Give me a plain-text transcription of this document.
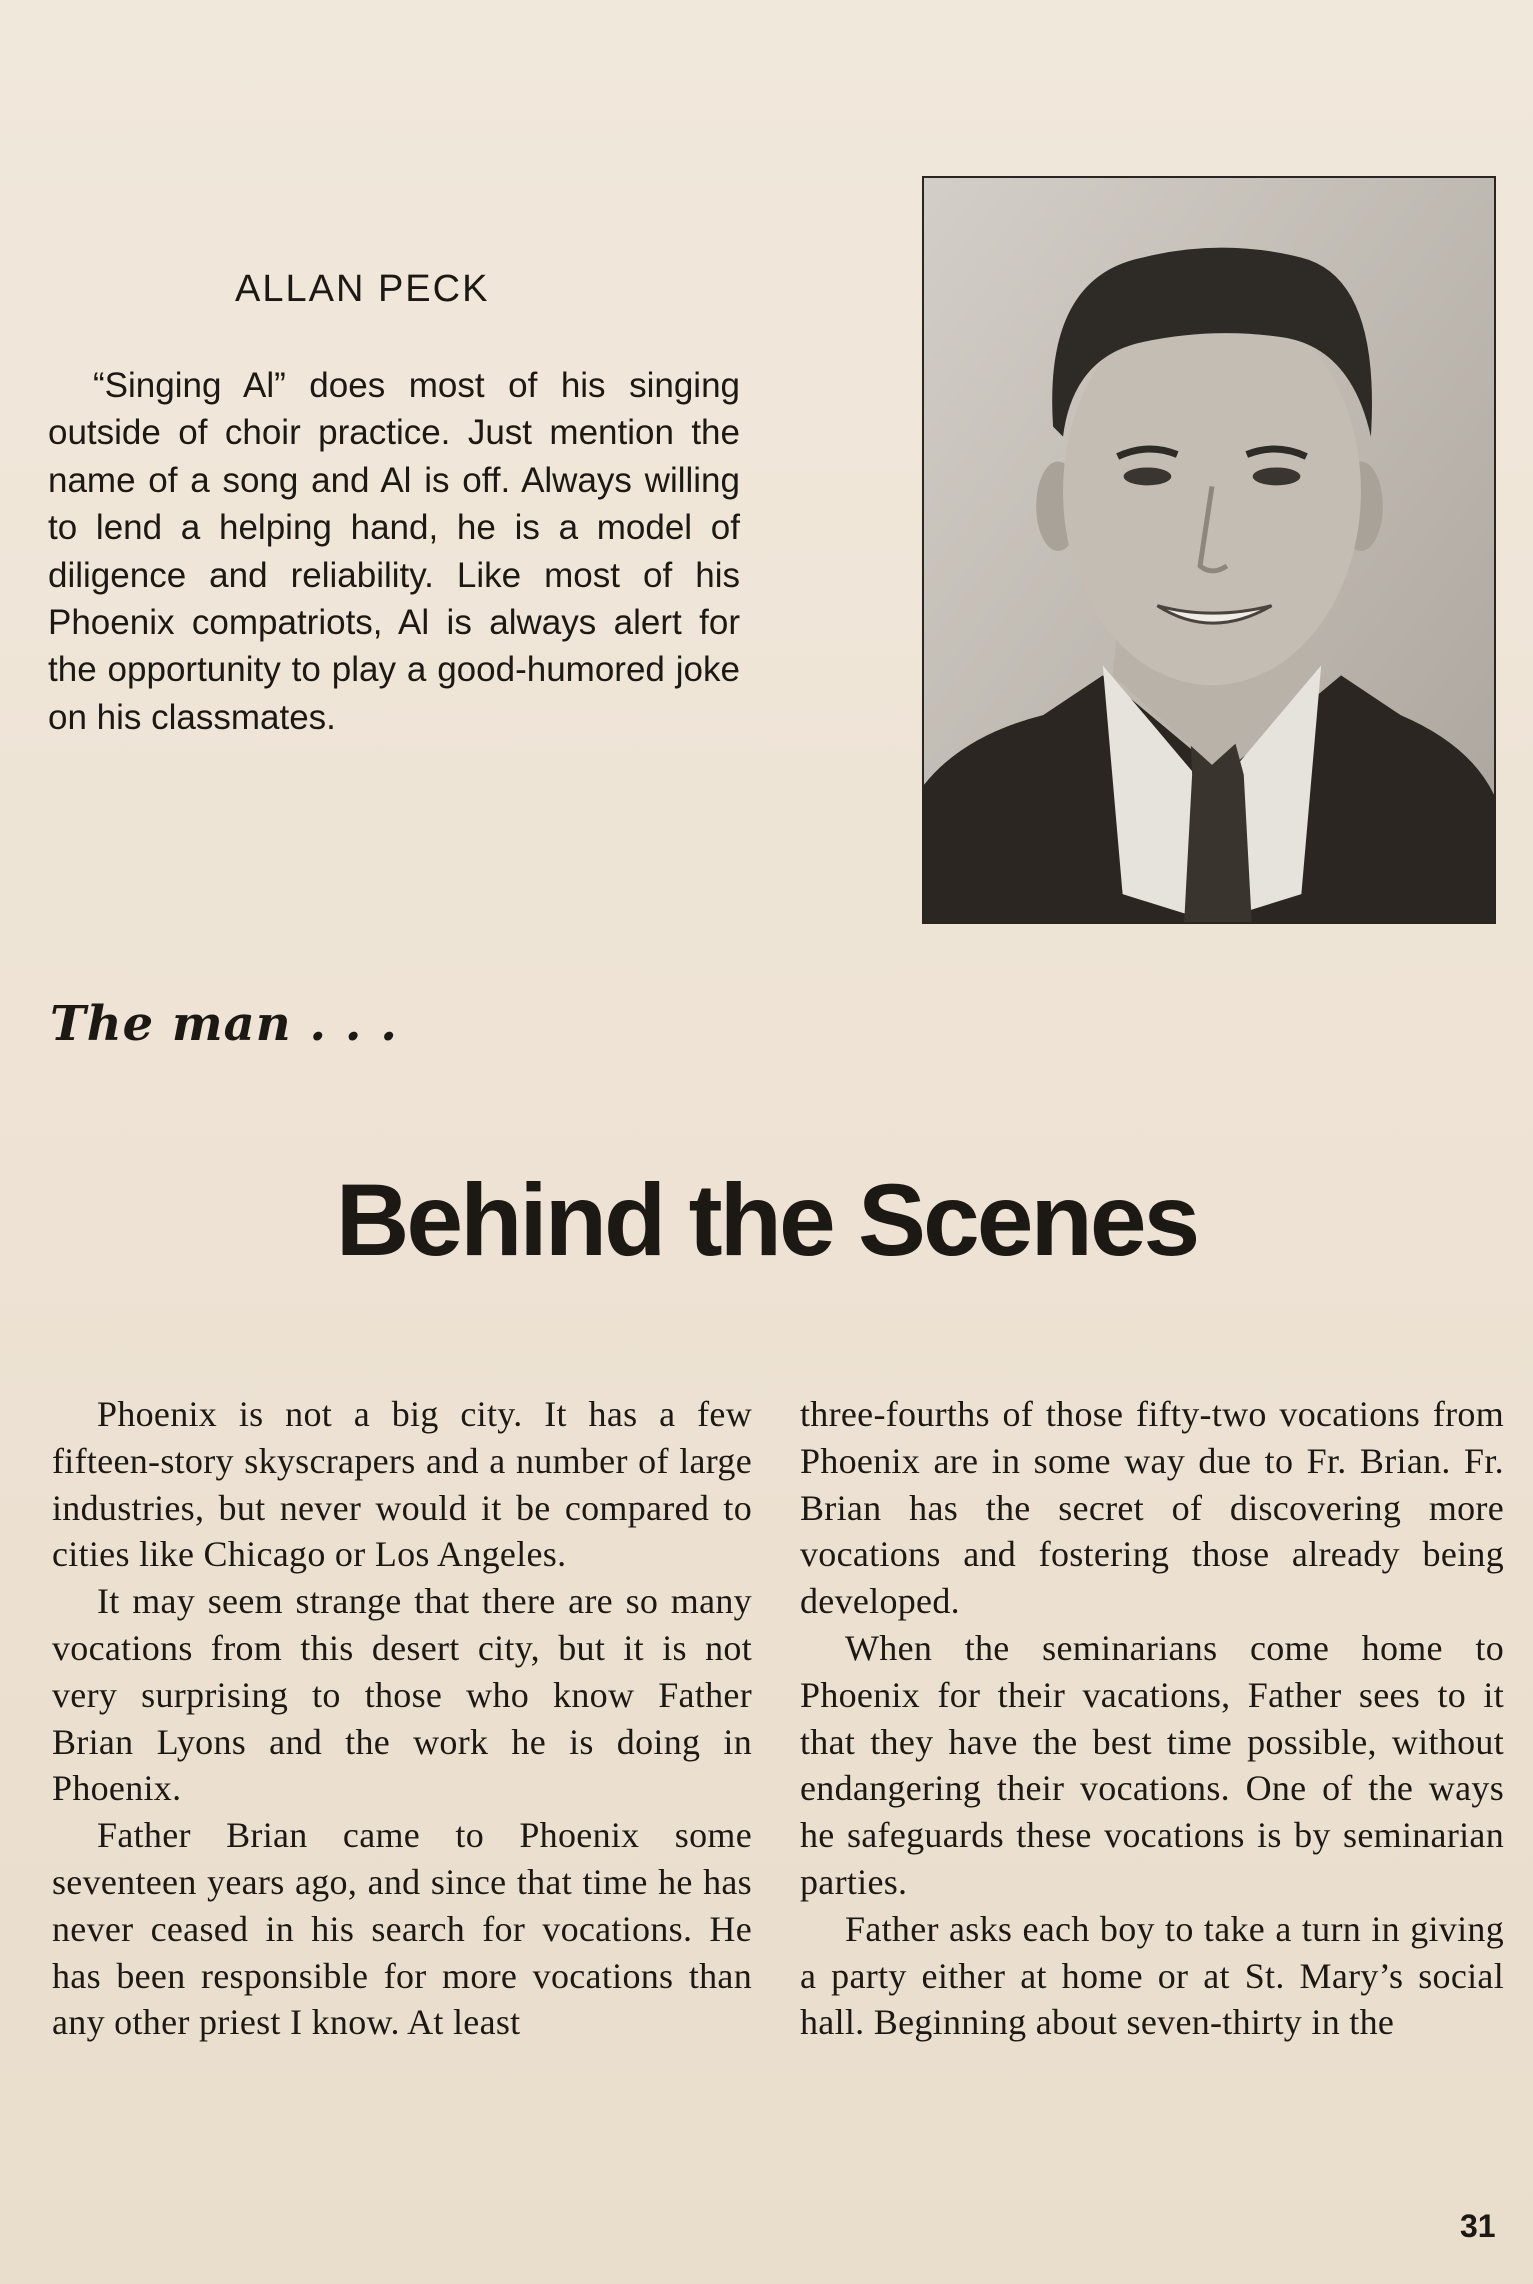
ALLAN PECK

“Singing Al” does most of his singing outside of choir practice. Just mention the name of a song and Al is off. Always willing to lend a helping hand, he is a model of diligence and reliability. Like most of his Phoenix compatriots, Al is always alert for the opportunity to play a good-humored joke on his classmates.

The man . . .
Behind the Scenes

Phoenix is not a big city. It has a few fifteen-story skyscrapers and a number of large industries, but never would it be compared to cities like Chicago or Los Angeles.

It may seem strange that there are so many vocations from this desert city, but it is not very surprising to those who know Father Brian Lyons and the work he is doing in Phoenix.

Father Brian came to Phoenix some seventeen years ago, and since that time he has never ceased in his search for vocations. He has been responsible for more vocations than any other priest I know. At least

three-fourths of those fifty-two vocations from Phoenix are in some way due to Fr. Brian. Fr. Brian has the secret of discovering more vocations and fostering those already being developed.

When the seminarians come home to Phoenix for their vacations, Father sees to it that they have the best time possible, without endangering their vocations. One of the ways he safeguards these vocations is by seminarian parties.

Father asks each boy to take a turn in giving a party either at home or at St. Mary’s social hall. Beginning about seven-thirty in the

31
